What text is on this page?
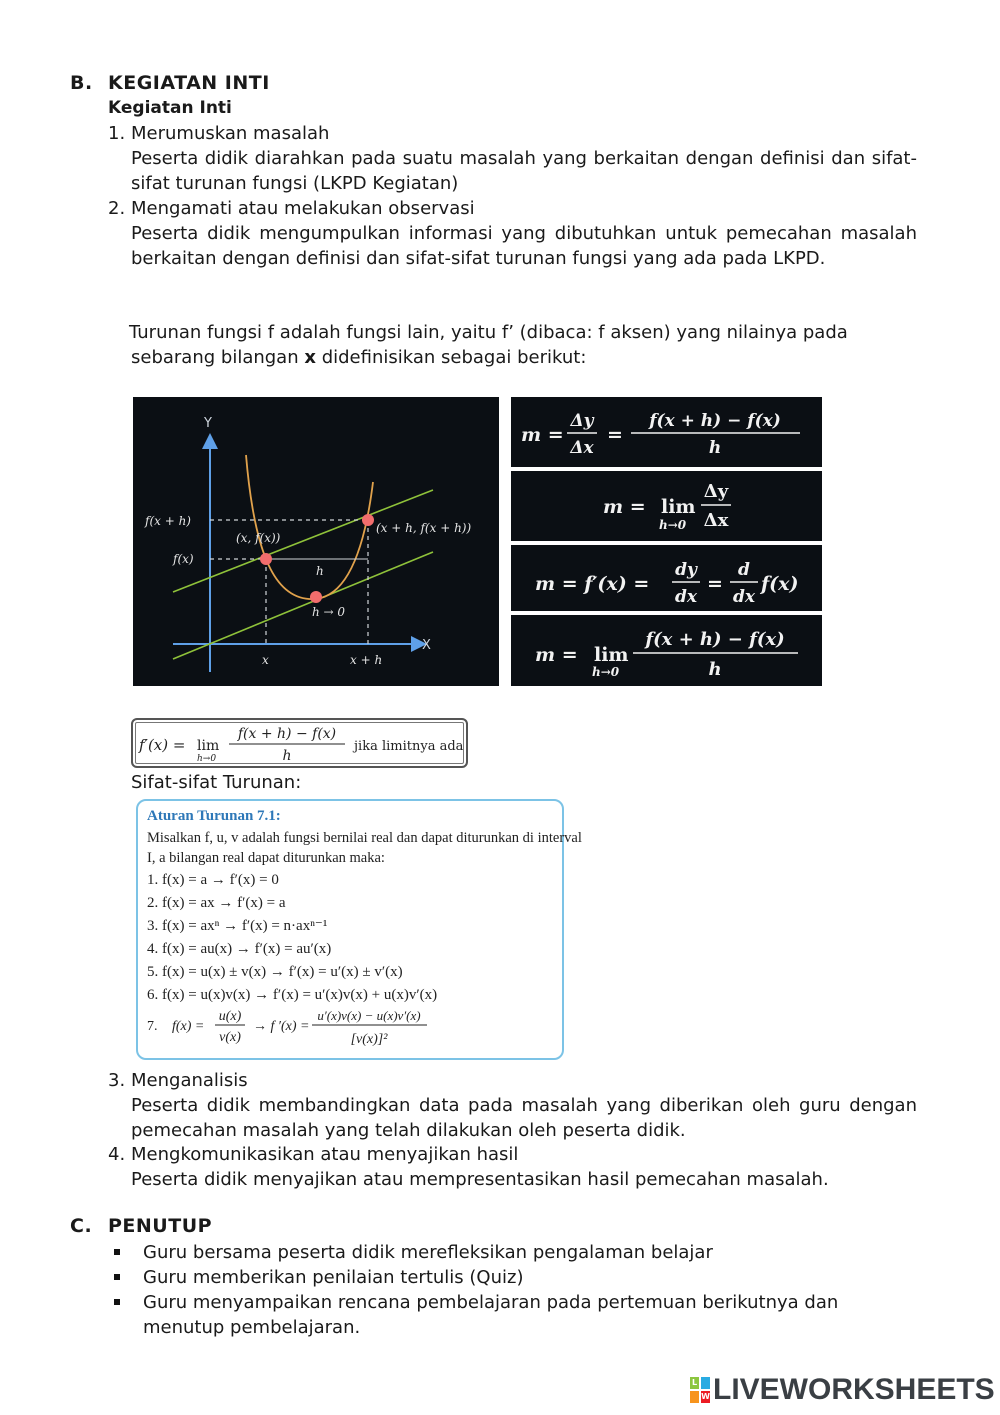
B. KEGIATAN INTI
Kegiatan Inti
1. Merumuskan masalah
Peserta didik diarahkan pada suatu masalah yang berkaitan dengan definisi dan sifat-sifat turunan fungsi (LKPD Kegiatan)
2. Mengamati atau melakukan observasi
Peserta didik mengumpulkan informasi yang dibutuhkan untuk pemecahan masalah berkaitan dengan definisi dan sifat-sifat turunan fungsi yang ada pada LKPD.
Turunan fungsi f adalah fungsi lain, yaitu f’ (dibaca: f aksen) yang nilainya pada
sebarang bilangan x didefinisikan sebagai berikut:
Y
X
f(x + h)
f(x)
(x, f(x))
(x + h, f(x + h))
h
h → 0
x	x + h
m =
Δy
Δx
=
f(x + h) − f(x)
h
m = lim
h→0
Δy
Δx
m = f′(x) =
dy
dx
=
d
dx
f(x)
m = lim
h→0
f(x + h) − f(x)
h
f′(x) = lim
h→0
f(x + h) − f(x)
h
jika limitnya ada
Sifat-sifat Turunan:
Aturan Turunan 7.1:
Misalkan f, u, v adalah fungsi bernilai real dan dapat diturunkan di interval
I, a bilangan real dapat diturunkan maka:
1. f(x) = a → f′(x) = 0
2. f(x) = ax → f′(x) = a
3. f(x) = axⁿ → f′(x) = n·axⁿ⁻¹
4. f(x) = au(x) → f′(x) = au′(x)
5. f(x) = u(x) ± v(x) → f′(x) = u′(x) ± v′(x)
6. f(x) = u(x)v(x) → f′(x) = u′(x)v(x) + u(x)v′(x)
7. f(x) =
u(x)
v(x)
→ f ′(x) =
u′(x)v(x) − u(x)v′(x)
[v(x)]²
3. Menganalisis
Peserta didik membandingkan data pada masalah yang diberikan oleh guru dengan pemecahan masalah yang telah dilakukan oleh peserta didik.
4. Mengkomunikasikan atau menyajikan hasil
Peserta didik menyajikan atau mempresentasikan hasil pemecahan masalah.
C. PENUTUP
Guru bersama peserta didik merefleksikan pengalaman belajar
Guru memberikan penilaian tertulis (Quiz)
Guru menyampaikan rencana pembelajaran pada pertemuan berikutnya dan menutup pembelajaran.
L
W LIVEWORKSHEETS
